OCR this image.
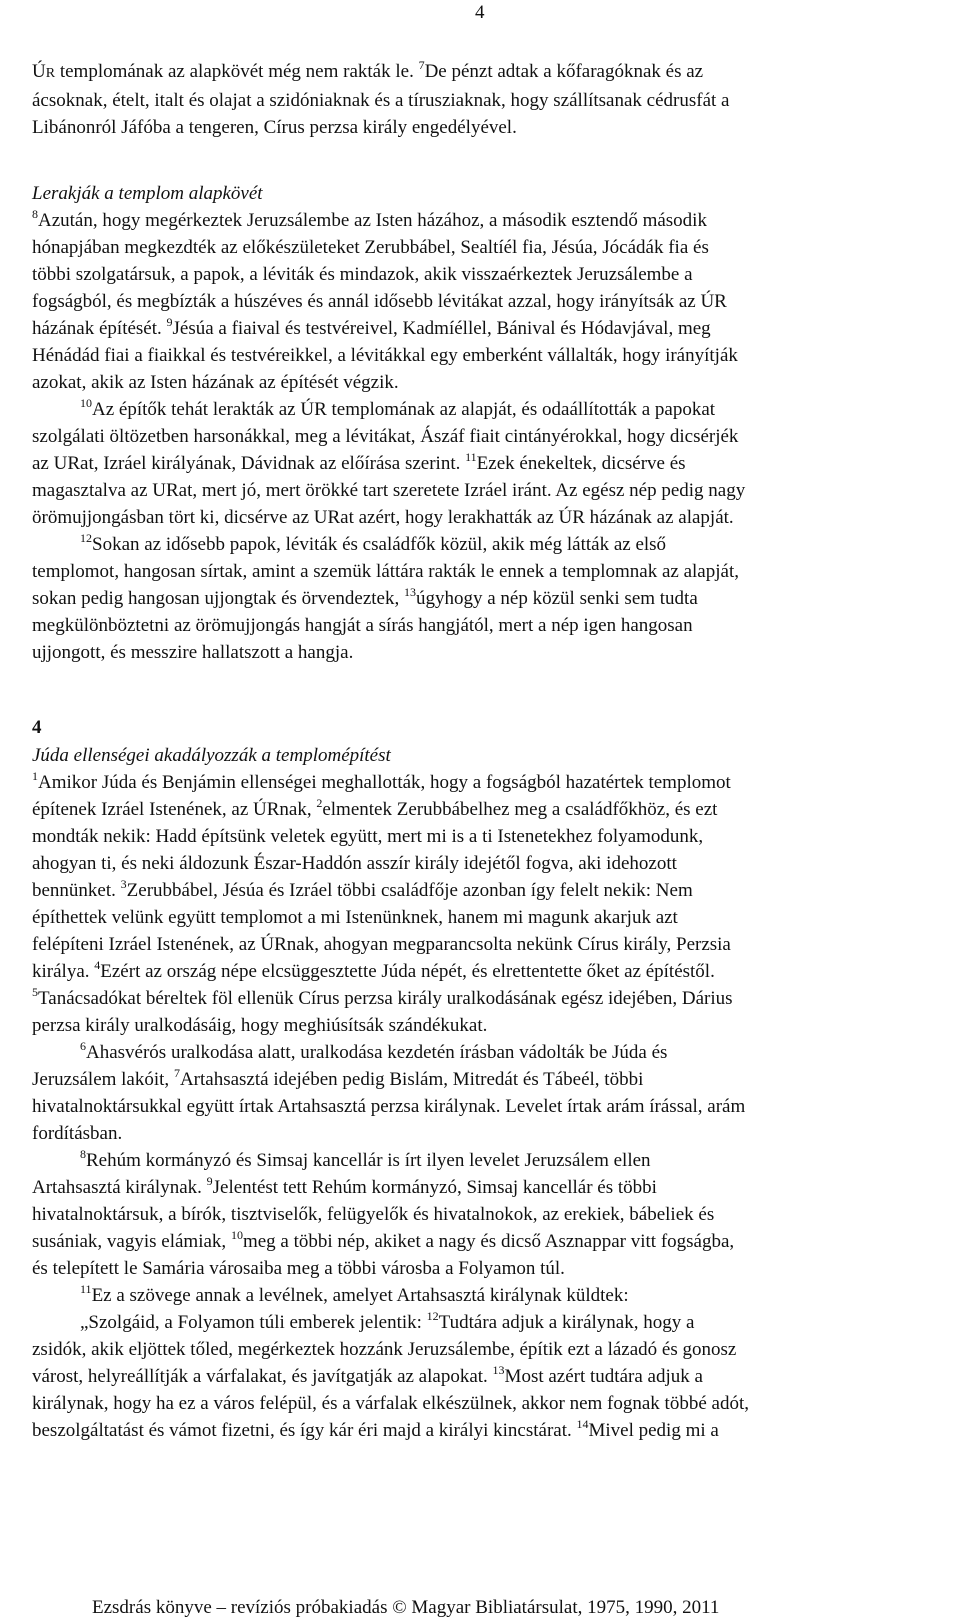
4
ÚR templomának az alapkövét még nem rakták le. $^7$De pénzt adtak a kőfaragóknak és az
ácsoknak, ételt, italt és olajat a szidóniaknak és a tírusziaknak, hogy szállítsanak cédrusfát a
Libánonról Jáfóba a tengeren, Círus perzsa király engedélyével.
Lerakják a templom alapkövét
$^8$Azután, hogy megérkeztek Jeruzsálembe az Isten házához, a második esztendő második
hónapjában megkezdték az előkészületeket Zerubbábel, Sealtíél fia, Jésúa, Jócádák fia és
többi szolgatársuk, a papok, a léviták és mindazok, akik visszaérkeztek Jeruzsálembe a
fogságból, és megbízták a húszéves és annál idősebb lévitákat azzal, hogy irányítsák az ÚR
házának építését. $^9$Jésúa a fiaival és testvéreivel, Kadmíéllel, Bánival és Hódavjával, meg
Hénádád fiai a fiaikkal és testvéreikkel, a lévitákkal egy emberként vállalták, hogy irányítják
azokat, akik az Isten házának az építését végzik.
$^{10}$Az építők tehát lerakták az ÚR templomának az alapját, és odaállították a papokat
szolgálati öltözetben harsonákkal, meg a lévitákat, Ászáf fiait cintányérokkal, hogy dicsérjék
az URat, Izráel királyának, Dávidnak az előírása szerint. $^{11}$Ezek énekeltek, dicsérve és
magasztalva az URat, mert jó, mert örökké tart szeretete Izráel iránt. Az egész nép pedig nagy
örömujjongásban tört ki, dicsérve az URat azért, hogy lerakhatták az ÚR házának az alapját.
$^{12}$Sokan az idősebb papok, léviták és családfők közül, akik még látták az első
templomot, hangosan sírtak, amint a szemük láttára rakták le ennek a templomnak az alapját,
sokan pedig hangosan ujjongtak és örvendeztek, $^{13}$úgyhogy a nép közül senki sem tudta
megkülönböztetni az örömujjongás hangját a sírás hangjától, mert a nép igen hangosan
ujjongott, és messzire hallatszott a hangja.
4
Júda ellenségei akadályozzák a templomépítést
$^1$Amikor Júda és Benjámin ellenségei meghallották, hogy a fogságból hazatértek templomot
építenek Izráel Istenének, az ÚRnak, $^2$elmentek Zerubbábelhez meg a családfőkhöz, és ezt
mondták nekik: Hadd építsünk veletek együtt, mert mi is a ti Istenetekhez folyamodunk,
ahogyan ti, és neki áldozunk Észar-Haddón asszír király idejétől fogva, aki idehozott
bennünket. $^3$Zerubbábel, Jésúa és Izráel többi családfője azonban így felelt nekik: Nem
építhettek velünk együtt templomot a mi Istenünknek, hanem mi magunk akarjuk azt
felépíteni Izráel Istenének, az ÚRnak, ahogyan megparancsolta nekünk Círus király, Perzsia
királya. $^4$Ezért az ország népe elcsüggesztette Júda népét, és elrettentette őket az építéstől.
$^5$Tanácsadókat béreltek föl ellenük Círus perzsa király uralkodásának egész idejében, Dárius
perzsa király uralkodásáig, hogy meghiúsítsák szándékukat.
$^6$Ahasvérós uralkodása alatt, uralkodása kezdetén írásban vádolták be Júda és
Jeruzsálem lakóit, $^7$Artahsasztá idejében pedig Bislám, Mitredát és Tábeél, többi
hivatalnoktársukkal együtt írtak Artahsasztá perzsa királynak. Levelet írtak arám írással, arám
fordításban.
$^8$Rehúm kormányzó és Simsaj kancellár is írt ilyen levelet Jeruzsálem ellen
Artahsasztá királynak. $^9$Jelentést tett Rehúm kormányzó, Simsaj kancellár és többi
hivatalnoktársuk, a bírók, tisztviselők, felügyelők és hivatalnokok, az erekiek, bábeliek és
susániak, vagyis elámiak, $^{10}$meg a többi nép, akiket a nagy és dicső Asznappar vitt fogságba,
és telepített le Samária városaiba meg a többi városba a Folyamon túl.
$^{11}$Ez a szövege annak a levélnek, amelyet Artahsasztá királynak küldtek:
„Szolgáid, a Folyamon túli emberek jelentik: $^{12}$Tudtára adjuk a királynak, hogy a
zsidók, akik eljöttek tőled, megérkeztek hozzánk Jeruzsálembe, építik ezt a lázadó és gonosz
várost, helyreállítják a várfalakat, és javítgatják az alapokat. $^{13}$Most azért tudtára adjuk a
királynak, hogy ha ez a város felépül, és a várfalak elkészülnek, akkor nem fognak többé adót,
beszolgáltatást és vámot fizetni, és így kár éri majd a királyi kincstárat. $^{14}$Mivel pedig mi a
Ezsdrás könyve – revíziós próbakiadás © Magyar Bibliatársulat, 1975, 1990, 2011
